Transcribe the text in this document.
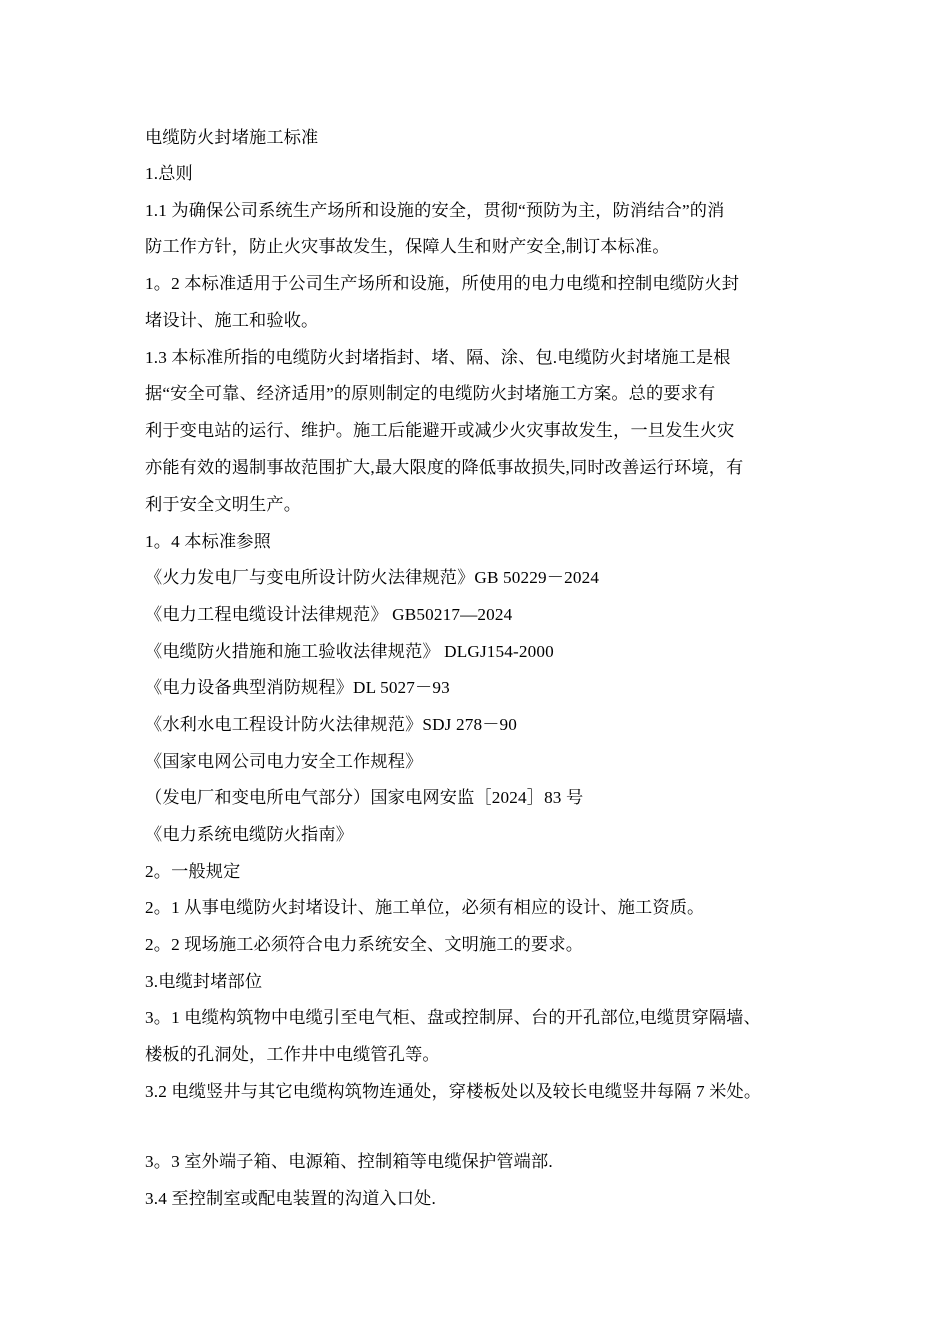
电缆防火封堵施工标准
1.总则
1.1 为确保公司系统生产场所和设施的安全，贯彻“预防为主，防消结合”的消
防工作方针，防止火灾事故发生，保障人生和财产安全,制订本标准。
1。2 本标准适用于公司生产场所和设施，所使用的电力电缆和控制电缆防火封
堵设计、施工和验收。
1.3 本标准所指的电缆防火封堵指封、堵、隔、涂、包.电缆防火封堵施工是根
据“安全可靠、经济适用”的原则制定的电缆防火封堵施工方案。总的要求有
利于变电站的运行、维护。施工后能避开或减少火灾事故发生，一旦发生火灾
亦能有效的遏制事故范围扩大,最大限度的降低事故损失,同时改善运行环境，有
利于安全文明生产。
1。4 本标准参照
《火力发电厂与变电所设计防火法律规范》GB 50229－2024
《电力工程电缆设计法律规范》 GB50217—2024
《电缆防火措施和施工验收法律规范》 DLGJ154-2000
《电力设备典型消防规程》DL 5027－93
《水利水电工程设计防火法律规范》SDJ 278－90
《国家电网公司电力安全工作规程》
（发电厂和变电所电气部分）国家电网安监［2024］83 号
《电力系统电缆防火指南》
2。一般规定
2。1 从事电缆防火封堵设计、施工单位，必须有相应的设计、施工资质。
2。2 现场施工必须符合电力系统安全、文明施工的要求。
3.电缆封堵部位
3。1 电缆构筑物中电缆引至电气柜、盘或控制屏、台的开孔部位,电缆贯穿隔墙、
楼板的孔洞处，工作井中电缆管孔等。
3.2 电缆竖井与其它电缆构筑物连通处，穿楼板处以及较长电缆竖井每隔 7 米处。
3。3 室外端子箱、电源箱、控制箱等电缆保护管端部.
3.4 至控制室或配电装置的沟道入口处.
